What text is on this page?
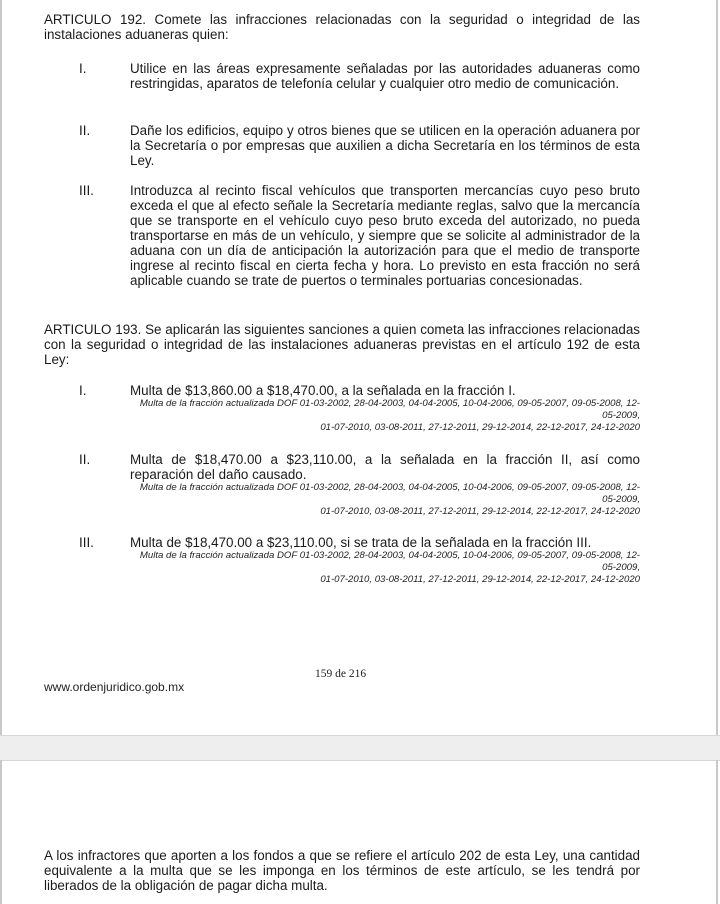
ARTICULO 192. Comete las infracciones relacionadas con la seguridad o integridad de las instalaciones aduaneras quien:
I.	Utilice en las áreas expresamente señaladas por las autoridades aduaneras como restringidas, aparatos de telefonía celular y cualquier otro medio de comunicación.
II.	Dañe los edificios, equipo y otros bienes que se utilicen en la operación aduanera por la Secretaría o por empresas que auxilien a dicha Secretaría en los términos de esta Ley.
III.	Introduzca al recinto fiscal vehículos que transporten mercancías cuyo peso bruto exceda el que al efecto señale la Secretaría mediante reglas, salvo que la mercancía que se transporte en el vehículo cuyo peso bruto exceda del autorizado, no pueda transportarse en más de un vehículo, y siempre que se solicite al administrador de la aduana con un día de anticipación la autorización para que el medio de transporte ingrese al recinto fiscal en cierta fecha y hora. Lo previsto en esta fracción no será aplicable cuando se trate de puertos o terminales portuarias concesionadas.
ARTICULO 193. Se aplicarán las siguientes sanciones a quien cometa las infracciones relacionadas con la seguridad o integridad de las instalaciones aduaneras previstas en el artículo 192 de esta Ley:
I.	Multa de $13,860.00 a $18,470.00, a la señalada en la fracción I.
Multa de la fracción actualizada DOF 01-03-2002, 28-04-2003, 04-04-2005, 10-04-2006, 09-05-2007, 09-05-2008, 12-
05-2009,
01-07-2010, 03-08-2011, 27-12-2011, 29-12-2014, 22-12-2017, 24-12-2020
II.	Multa de $18,470.00 a $23,110.00, a la señalada en la fracción II, así como reparación del daño causado.
Multa de la fracción actualizada DOF 01-03-2002, 28-04-2003, 04-04-2005, 10-04-2006, 09-05-2007, 09-05-2008, 12-
05-2009,
01-07-2010, 03-08-2011, 27-12-2011, 29-12-2014, 22-12-2017, 24-12-2020
III.	Multa de $18,470.00 a $23,110.00, si se trata de la señalada en la fracción III.
Multa de la fracción actualizada DOF 01-03-2002, 28-04-2003, 04-04-2005, 10-04-2006, 09-05-2007, 09-05-2008, 12-
05-2009,
01-07-2010, 03-08-2011, 27-12-2011, 29-12-2014, 22-12-2017, 24-12-2020
159 de 216
www.ordenjuridico.gob.mx
A los infractores que aporten a los fondos a que se refiere el artículo 202 de esta Ley, una cantidad equivalente a la multa que se les imponga en los términos de este artículo, se les tendrá por liberados de la obligación de pagar dicha multa.
